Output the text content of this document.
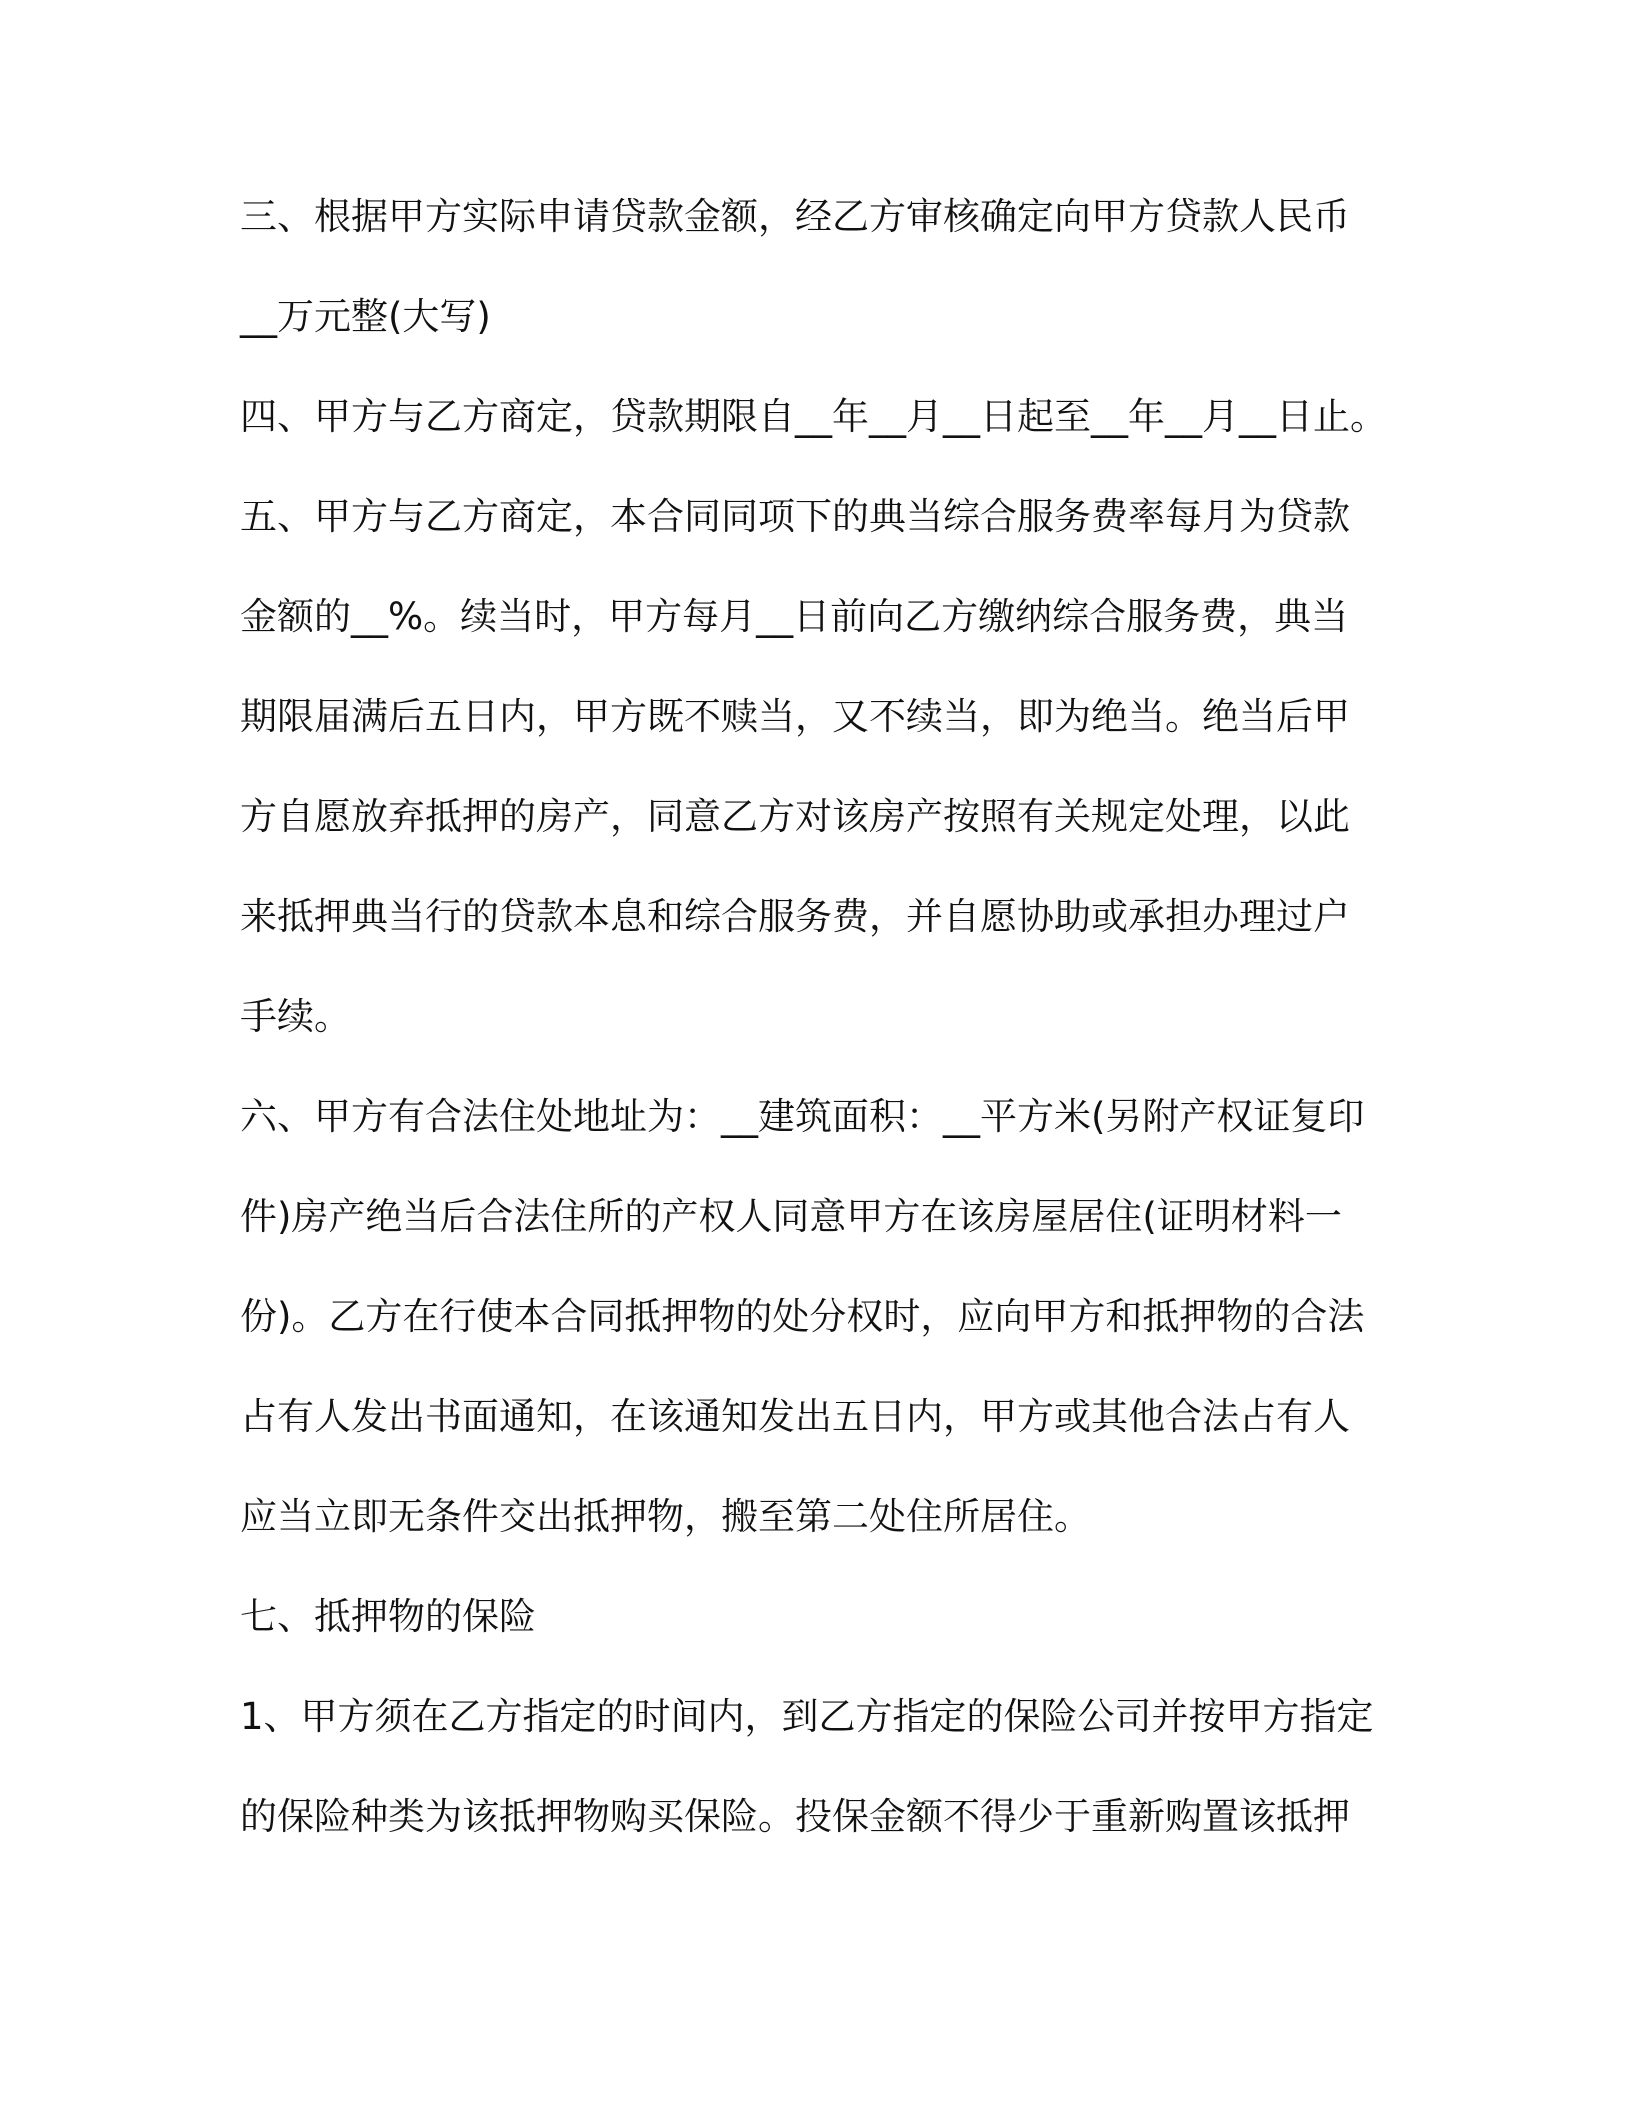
三、根据甲方实际申请贷款金额，经乙方审核确定向甲方贷款人民币
__万元整(大写)
四、甲方与乙方商定，贷款期限自__年__月__日起至__年__月__日止。
五、甲方与乙方商定，本合同同项下的典当综合服务费率每月为贷款
金额的__%。续当时，甲方每月__日前向乙方缴纳综合服务费，典当
期限届满后五日内，甲方既不赎当，又不续当，即为绝当。绝当后甲
方自愿放弃抵押的房产，同意乙方对该房产按照有关规定处理，以此
来抵押典当行的贷款本息和综合服务费，并自愿协助或承担办理过户
手续。
六、甲方有合法住处地址为：__建筑面积：__平方米(另附产权证复印
件)房产绝当后合法住所的产权人同意甲方在该房屋居住(证明材料一
份)。乙方在行使本合同抵押物的处分权时，应向甲方和抵押物的合法
占有人发出书面通知，在该通知发出五日内，甲方或其他合法占有人
应当立即无条件交出抵押物，搬至第二处住所居住。
七、抵押物的保险
1、甲方须在乙方指定的时间内，到乙方指定的保险公司并按甲方指定
的保险种类为该抵押物购买保险。投保金额不得少于重新购置该抵押
